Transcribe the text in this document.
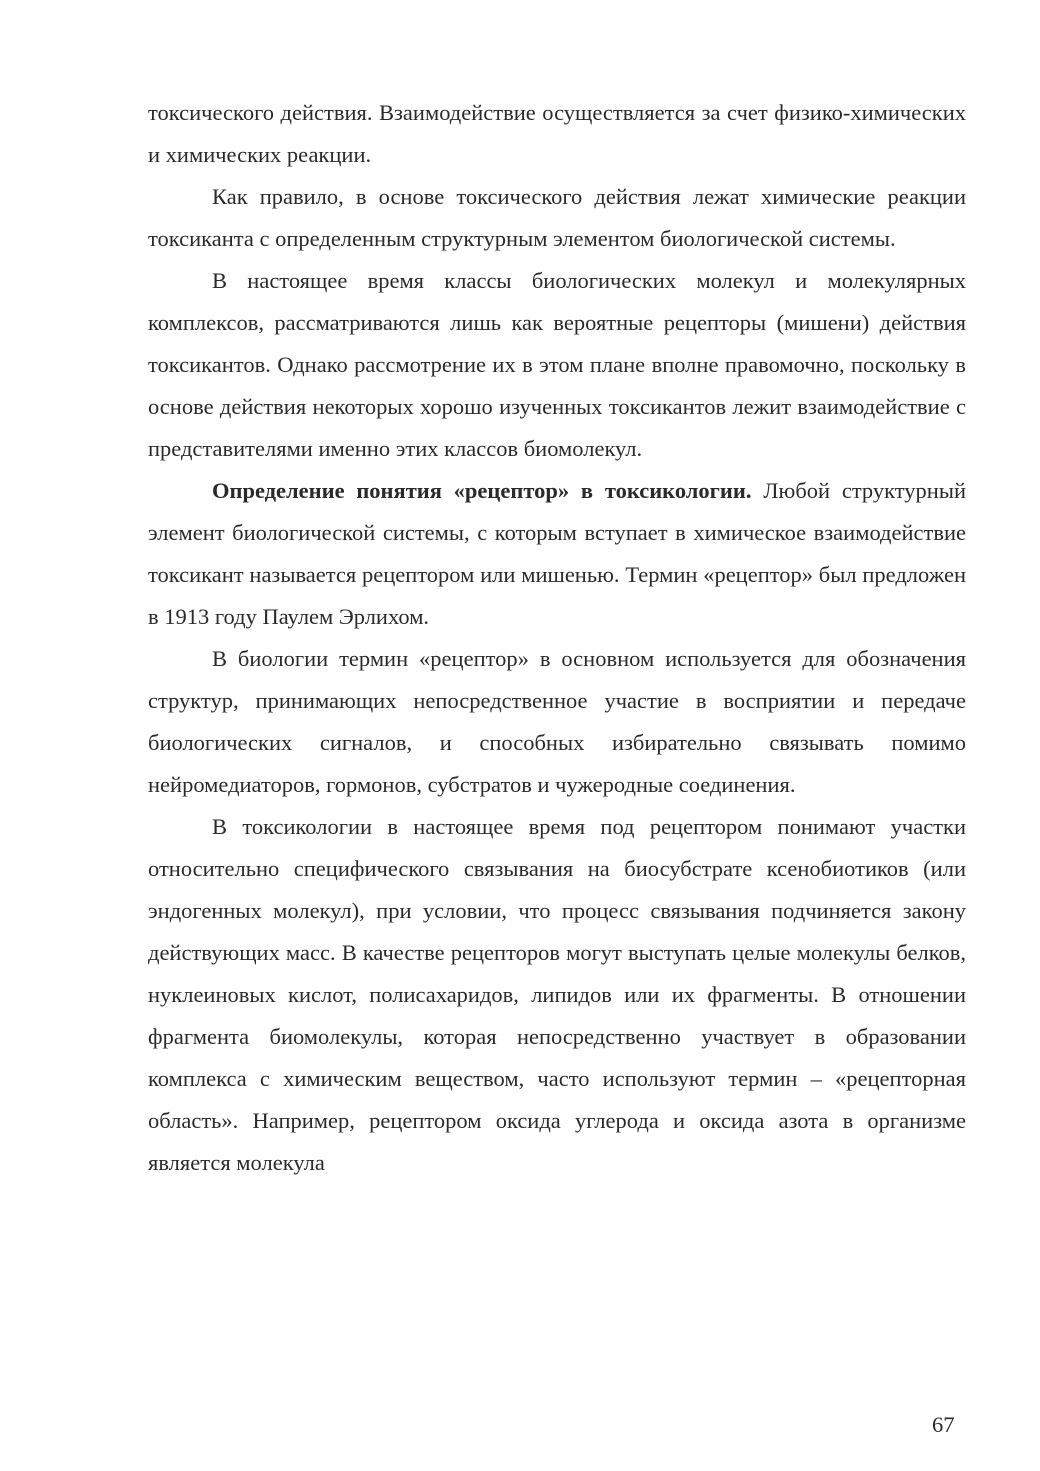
токсического действия. Взаимодействие осуществляется за счет физико-химических и химических реакции.

Как правило, в основе токсического действия лежат химические реакции токсиканта с определенным структурным элементом биологической системы.

В настоящее время классы биологических молекул и молекулярных комплексов, рассматриваются лишь как вероятные рецепторы (мишени) действия токсикантов. Однако рассмотрение их в этом плане вполне правомочно, поскольку в основе действия некоторых хорошо изученных токсикантов лежит взаимодействие с представителями именно этих классов биомолекул.

Определение понятия «рецептор» в токсикологии. Любой структурный элемент биологической системы, с которым вступает в химическое взаимодействие токсикант называется рецептором или мишенью. Термин «рецептор» был предложен в 1913 году Паулем Эрлихом.

В биологии термин «рецептор» в основном используется для обозначения структур, принимающих непосредственное участие в восприятии и передаче биологических сигналов, и способных избирательно связывать помимо нейромедиаторов, гормонов, субстратов и чужеродные соединения.

В токсикологии в настоящее время под рецептором понимают участки относительно специфического связывания на биосубстрате ксенобиотиков (или эндогенных молекул), при условии, что процесс связывания подчиняется закону действующих масс. В качестве рецепторов могут выступать целые молекулы белков, нуклеиновых кислот, полисахаридов, липидов или их фрагменты. В отношении фрагмента биомолекулы, которая непосредственно участвует в образовании комплекса с химическим веществом, часто используют термин – «рецепторная область». Например, рецептором оксида углерода и оксида азота в организме является молекула

67
